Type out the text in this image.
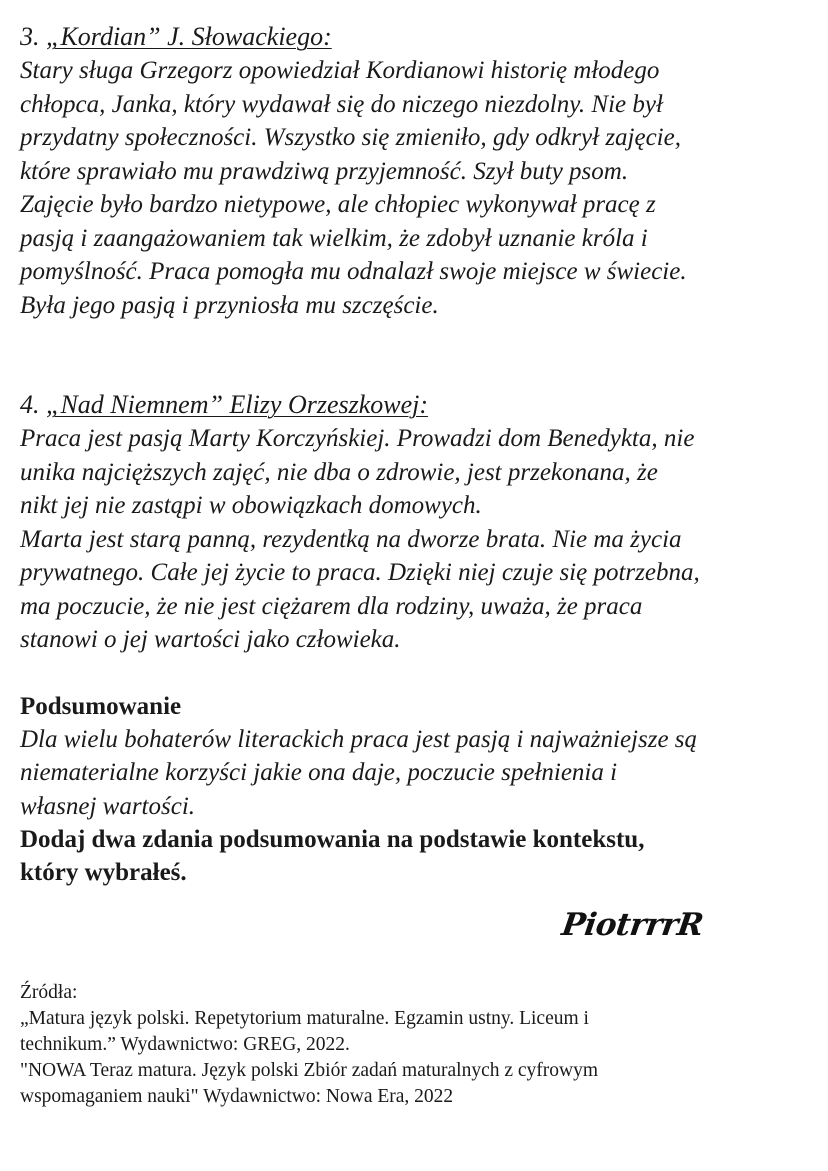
3. „Kordian” J. Słowackiego:

Stary sługa Grzegorz opowiedział Kordianowi historię młodego
chłopca, Janka, który wydawał się do niczego niezdolny. Nie był
przydatny społeczności. Wszystko się zmieniło, gdy odkrył zajęcie,
które sprawiało mu prawdziwą przyjemność. Szył buty psom.
Zajęcie było bardzo nietypowe, ale chłopiec wykonywał pracę z
pasją i zaangażowaniem tak wielkim, że zdobył uznanie króla i
pomyślność. Praca pomogła mu odnalazł swoje miejsce w świecie.
Była jego pasją i przyniosła mu szczęście.

4. „Nad Niemnem” Elizy Orzeszkowej:

Praca jest pasją Marty Korczyńskiej. Prowadzi dom Benedykta, nie
unika najcięższych zajęć, nie dba o zdrowie, jest przekonana, że
nikt jej nie zastąpi w obowiązkach domowych.
Marta jest starą panną, rezydentką na dworze brata. Nie ma życia
prywatnego. Całe jej życie to praca. Dzięki niej czuje się potrzebna,
ma poczucie, że nie jest ciężarem dla rodziny, uważa, że praca
stanowi o jej wartości jako człowieka.

Podsumowanie

Dla wielu bohaterów literackich praca jest pasją i najważniejsze są
niematerialne korzyści jakie ona daje, poczucie spełnienia i
własnej wartości.

Dodaj dwa zdania podsumowania na podstawie kontekstu,
który wybrałeś.

PiotrrrR
Źródła:
„Matura język polski. Repetytorium maturalne. Egzamin ustny. Liceum i
technikum.” Wydawnictwo: GREG, 2022.
"NOWA Teraz matura. Język polski Zbiór zadań maturalnych z cyfrowym
wspomaganiem nauki" Wydawnictwo: Nowa Era, 2022
